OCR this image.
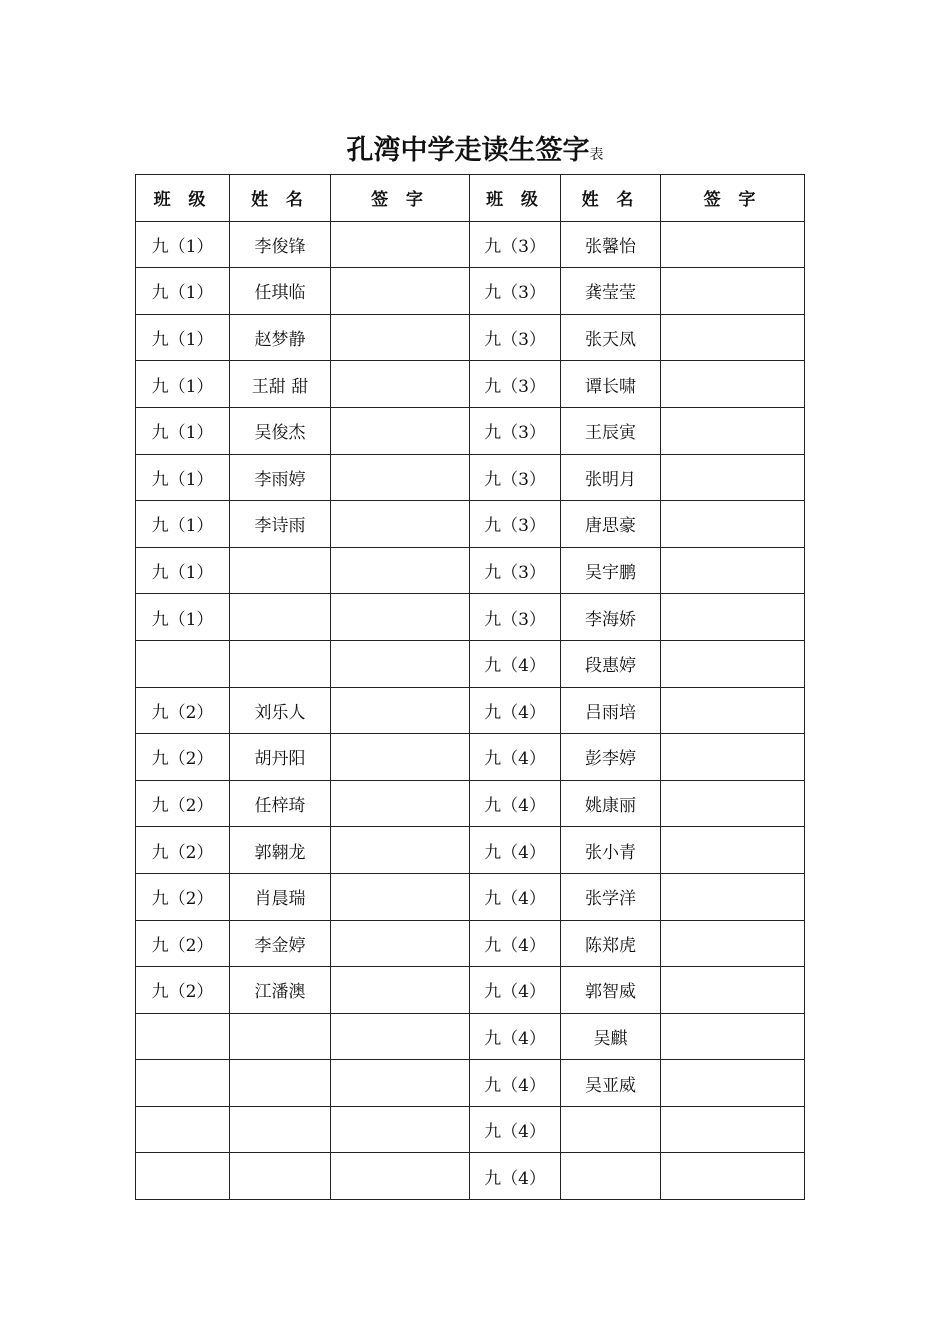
孔湾中学走读生签字表
班 级	姓 名	签 字	班 级	姓 名	签 字
九（1）	李俊锋		九（3）	张馨怡	
九（1）	任琪临		九（3）	龚莹莹	
九（1）	赵梦静		九（3）	张天凤	
九（1）	王甜 甜		九（3）	谭长啸	
九（1）	吴俊杰		九（3）	王辰寅	
九（1）	李雨婷		九（3）	张明月	
九（1）	李诗雨		九（3）	唐思豪	
九（1）			九（3）	吴宇鹏	
九（1）			九（3）	李海娇	
			九（4）	段惠婷	
九（2）	刘乐人		九（4）	吕雨培	
九（2）	胡丹阳		九（4）	彭李婷	
九（2）	任梓琦		九（4）	姚康丽	
九（2）	郭翱龙		九（4）	张小青	
九（2）	肖晨瑞		九（4）	张学洋	
九（2）	李金婷		九（4）	陈郑虎	
九（2）	江潘澳		九（4）	郭智威	
			九（4）	吴麒	
			九（4）	吴亚威	
			九（4）		
			九（4）		
